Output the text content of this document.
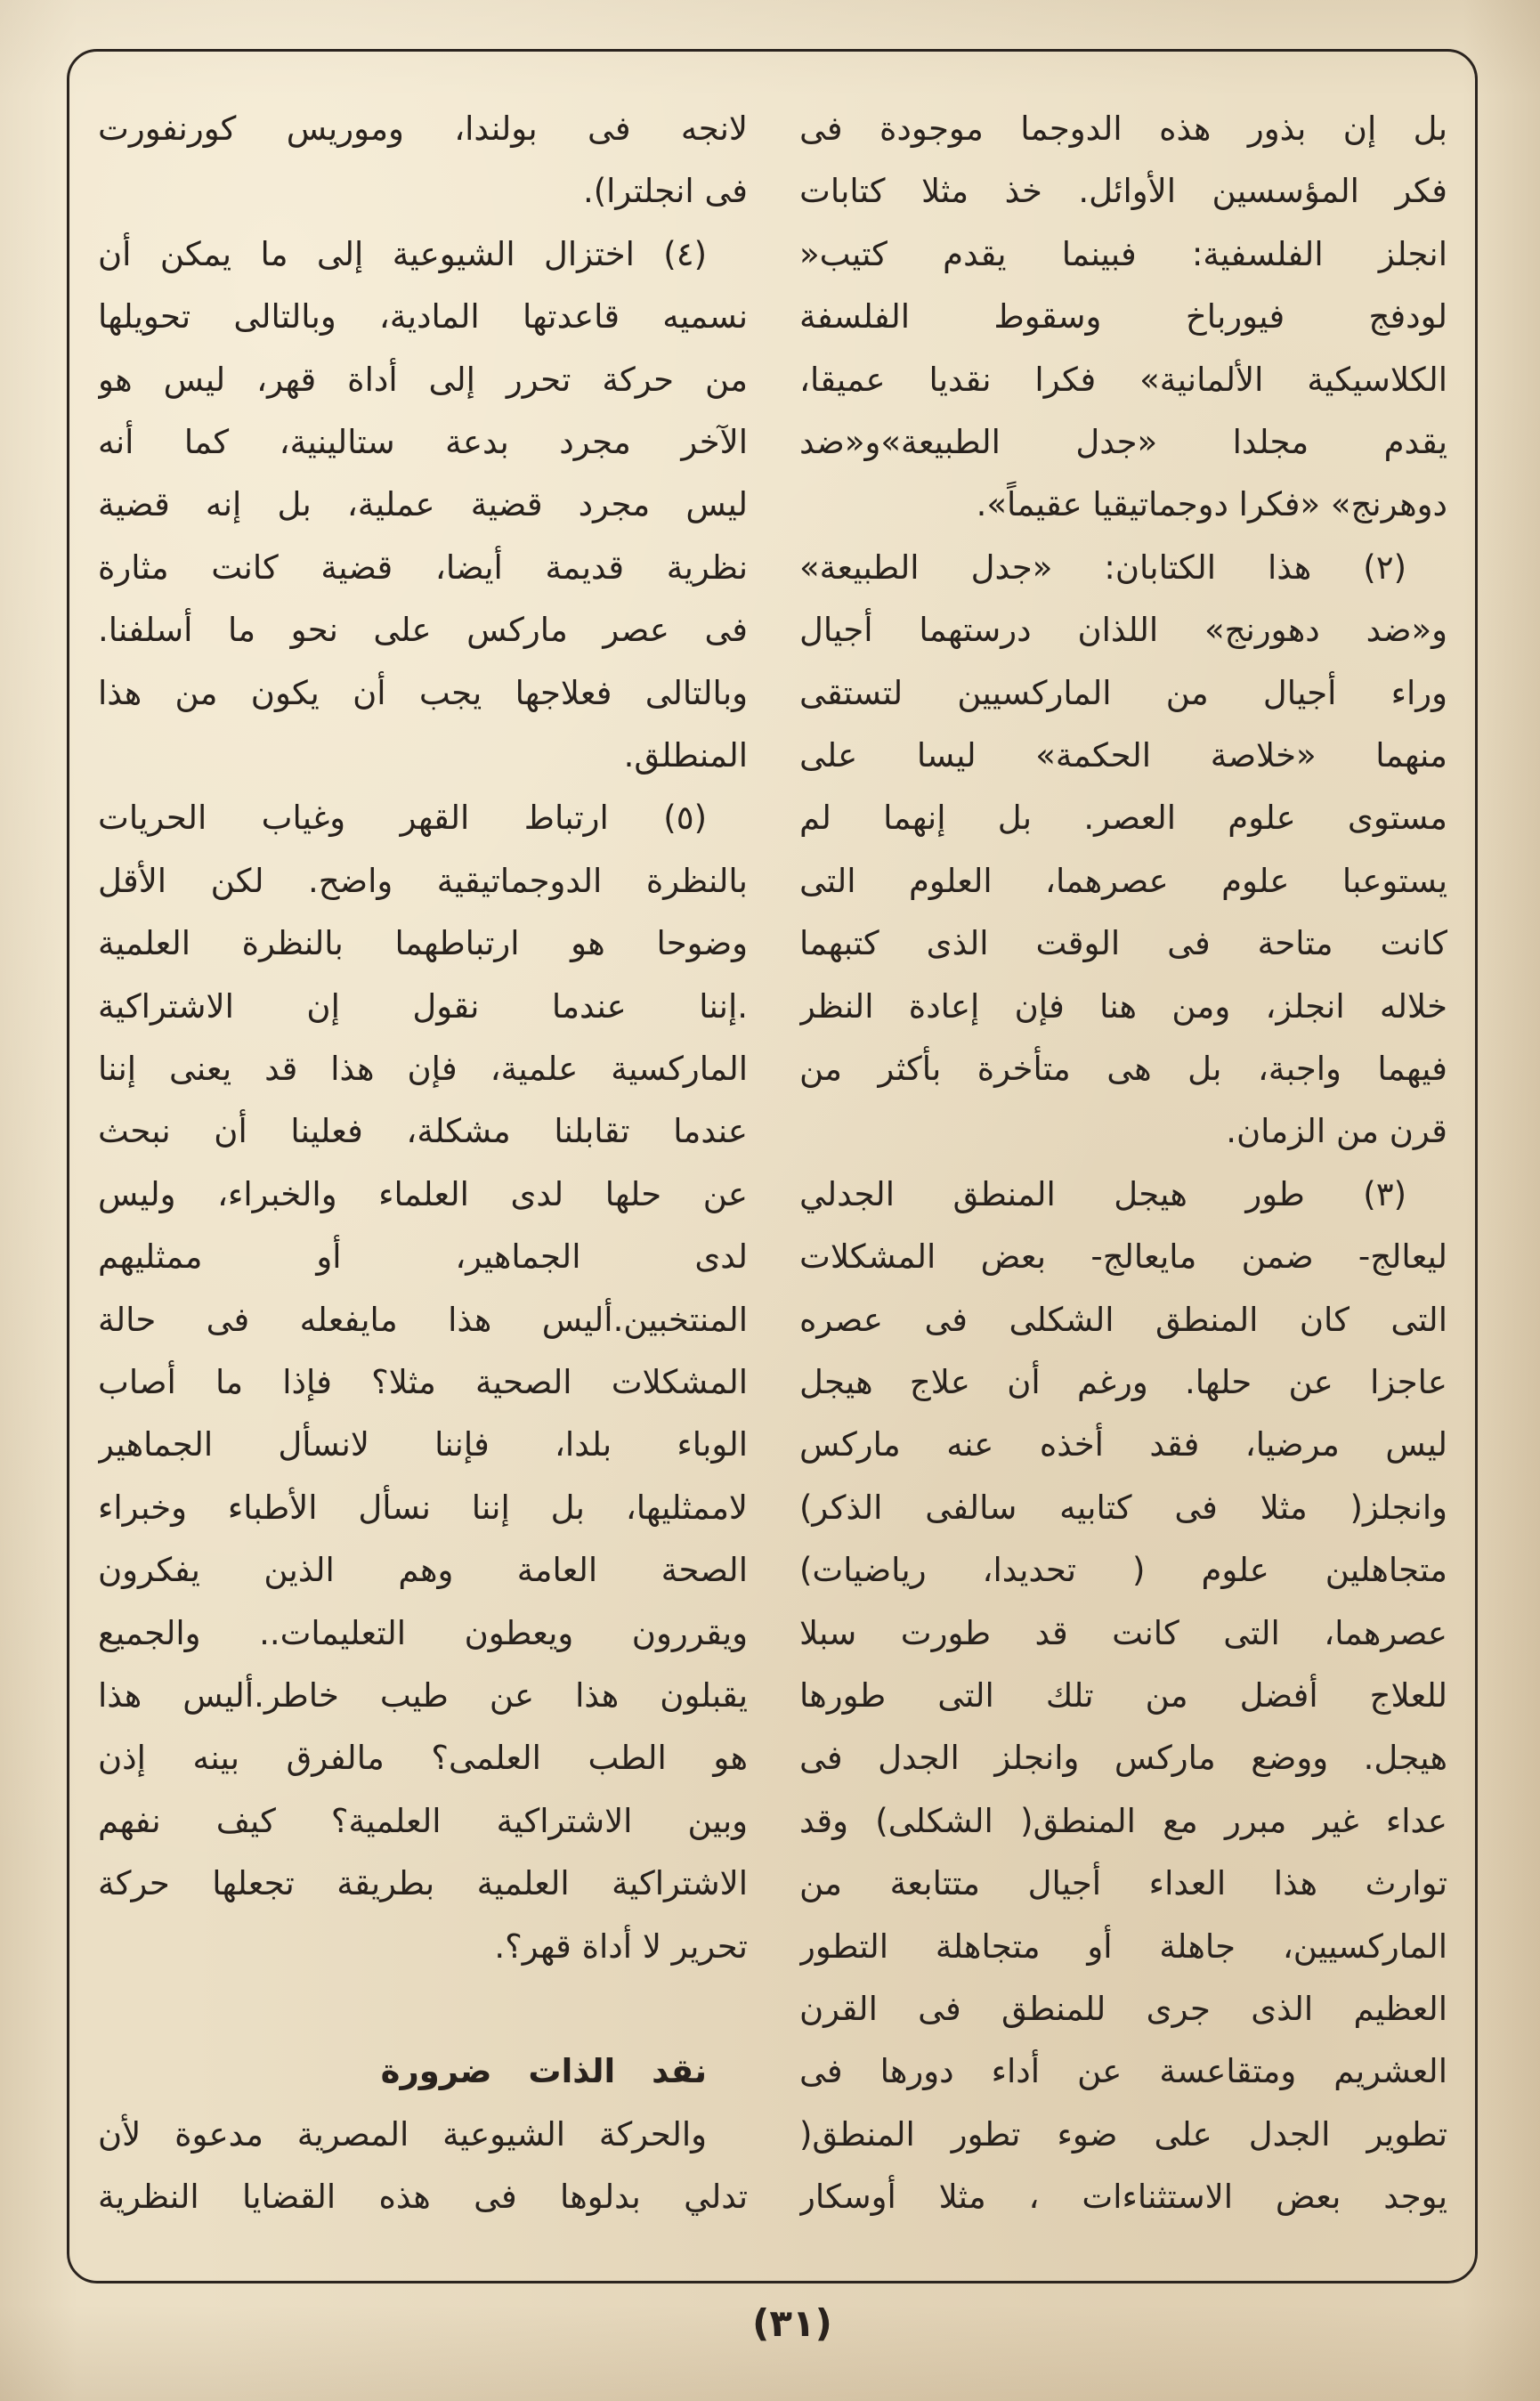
بل إن بذور هذه الدوجما موجودة فى
فكر المؤسسين الأوائل. خذ مثلا كتابات
انجلز الفلسفية: فبينما يقدم كتيب«
لودفج فيورباخ وسقوط الفلسفة
الكلاسيكية الألمانية» فكرا نقديا عميقا،
يقدم مجلدا «جدل الطبيعة»و«ضد
دوهرنج» «فكرا دوجماتيقيا عقيماً».
(٢) هذا الكتابان: «جدل الطبيعة»
و«ضد دهورنج» اللذان درستهما أجيال
وراء أجيال من الماركسيين لتستقى
منهما «خلاصة الحكمة» ليسا على
مستوى علوم العصر. بل إنهما لم
يستوعبا علوم عصرهما، العلوم التى
كانت متاحة فى الوقت الذى كتبهما
خلاله انجلز، ومن هنا فإن إعادة النظر
فيهما واجبة، بل هى متأخرة بأكثر من
قرن من الزمان.
(٣) طور هيجل المنطق الجدلي
ليعالج- ضمن مايعالج- بعض المشكلات
التى كان المنطق الشكلى فى عصره
عاجزا عن حلها. ورغم أن علاج هيجل
ليس مرضيا، فقد أخذه عنه ماركس
وانجلز( مثلا فى كتابيه سالفى الذكر)
متجاهلين علوم ( تحديدا، رياضيات)
عصرهما، التى كانت قد طورت سبلا
للعلاج أفضل من تلك التى طورها
هيجل. ووضع ماركس وانجلز الجدل فى
عداء غير مبرر مع المنطق( الشكلى) وقد
توارث هذا العداء أجيال متتابعة من
الماركسيين، جاهلة أو متجاهلة التطور
العظيم الذى جرى للمنطق فى القرن
العشريم ومتقاعسة عن أداء دورها فى
تطوير الجدل على ضوء تطور المنطق(
يوجد بعض الاستثناءات ، مثلا أوسكار
لانجه فى بولندا، وموريس كورنفورت
فى انجلترا).
(٤) اختزال الشيوعية إلى ما يمكن أن
نسميه قاعدتها المادية، وبالتالى تحويلها
من حركة تحرر إلى أداة قهر، ليس هو
الآخر مجرد بدعة ستالينية، كما أنه
ليس مجرد قضية عملية، بل إنه قضية
نظرية قديمة أيضا، قضية كانت مثارة
فى عصر ماركس على نحو ما أسلفنا.
وبالتالى فعلاجها يجب أن يكون من هذا
المنطلق.
(٥) ارتباط القهر وغياب الحريات
بالنظرة الدوجماتيقية واضح. لكن الأقل
وضوحا هو ارتباطهما بالنظرة العلمية
.إننا عندما نقول إن الاشتراكية
الماركسية علمية، فإن هذا قد يعنى إننا
عندما تقابلنا مشكلة، فعلينا أن نبحث
عن حلها لدى العلماء والخبراء، وليس
لدى الجماهير، أو ممثليهم
المنتخبين.أليس هذا مايفعله فى حالة
المشكلات الصحية مثلا؟ فإذا ما أصاب
الوباء بلدا، فإننا لانسأل الجماهير
لاممثليها، بل إننا نسأل الأطباء وخبراء
الصحة العامة وهم الذين يفكرون
ويقررون ويعطون التعليمات.. والجميع
يقبلون هذا عن طيب خاطر.أليس هذا
هو الطب العلمى؟ مالفرق بينه إذن
وبين الاشتراكية العلمية؟ كيف نفهم
الاشتراكية العلمية بطريقة تجعلها حركة
تحرير لا أداة قهر؟.
نقد الذات ضرورة
والحركة الشيوعية المصرية مدعوة لأن
تدلي بدلوها فى هذه القضايا النظرية
(٣١)
